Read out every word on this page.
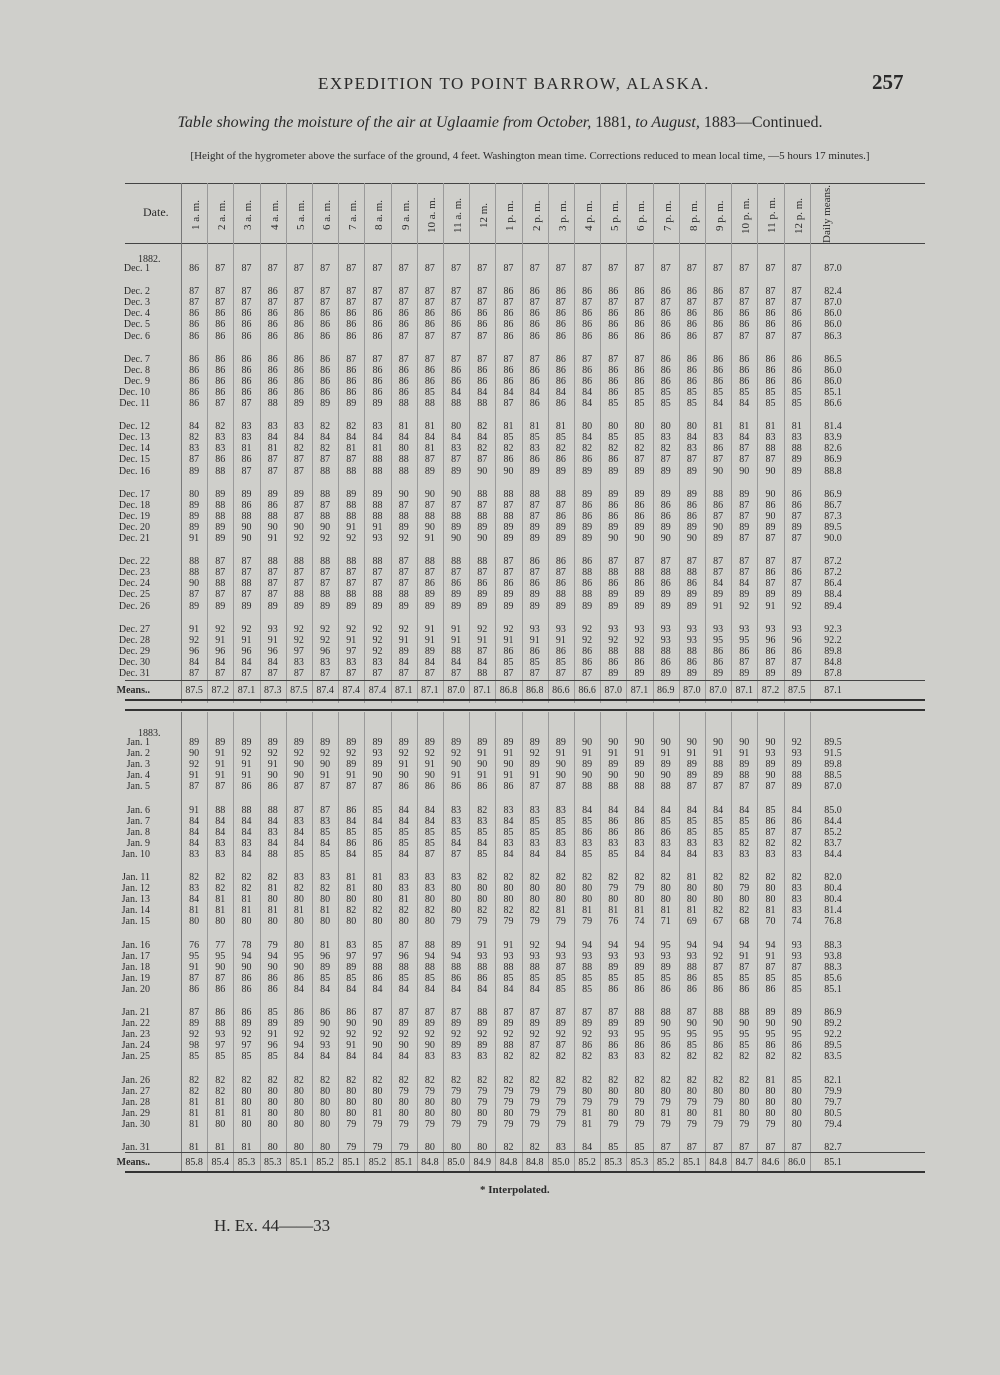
EXPEDITION TO POINT BARROW, ALASKA.	257
Table showing the moisture of the air at Uglaamie from October, 1881, to August, 1883—Continued.
[Height of the hygrometer above the surface of the ground, 4 feet. Washington mean time. Corrections reduced to mean local time, —5 hours 17 minutes.]
Date. 1 a. m. 2 a. m. 3 a. m. 4 a. m. 5 a. m. 6 a. m. 7 a. m. 8 a. m. 9 a. m. 10 a. m. 11 a. m. 12 m. 1 p. m. 2 p. m. 3 p. m. 4 p. m. 5 p. m. 6 p. m. 7 p. m. 8 p. m. 9 p. m. 10 p. m. 11 p. m. 12 p. m. Daily means.
1882.
Dec. 1	86	87	87	87	87	87	87	87	87	87	87	87	87	87	87	87	87	87	87	87	87	87	87	87	87.0
Dec. 2	87	87	87	86	87	87	87	87	87	87	87	87	86	86	86	86	86	86	86	86	86	87	87	87	82.4
Dec. 3	87	87	87	87	87	87	87	87	87	87	87	87	87	87	87	87	87	87	87	87	87	87	87	87	87.0
Dec. 4	86	86	86	86	86	86	86	86	86	86	86	86	86	86	86	86	86	86	86	86	86	86	86	86	86.0
Dec. 5	86	86	86	86	86	86	86	86	86	86	86	86	86	86	86	86	86	86	86	86	86	86	86	86	86.0
Dec. 6	86	86	86	86	86	86	86	86	87	87	87	87	86	86	86	86	86	86	86	86	87	87	87	87	86.3
Dec. 7	86	86	86	86	86	86	87	87	87	87	87	87	87	87	86	87	87	87	86	86	86	86	86	86	86.5
Dec. 8	86	86	86	86	86	86	86	86	86	86	86	86	86	86	86	86	86	86	86	86	86	86	86	86	86.0
Dec. 9	86	86	86	86	86	86	86	86	86	86	86	86	86	86	86	86	86	86	86	86	86	86	86	86	86.0
Dec. 10	86	86	86	86	86	86	86	86	86	85	84	84	84	84	84	84	86	85	85	85	85	85	85	85	85.1
Dec. 11	86	87	87	88	89	89	89	89	88	88	88	88	87	86	86	84	85	85	85	85	84	84	85	85	86.6
Dec. 12	84	82	83	83	83	82	82	83	81	81	80	82	81	81	81	80	80	80	80	80	81	81	81	81	81.4
Dec. 13	82	83	83	84	84	84	84	84	84	84	84	84	85	85	85	84	85	85	83	84	83	84	83	83	83.9
Dec. 14	83	83	81	81	82	82	81	81	80	81	83	82	82	83	82	82	82	82	82	83	86	87	88	88	82.6
Dec. 15	87	86	86	87	87	87	87	88	88	87	87	87	86	86	86	86	86	87	87	87	87	87	87	89	86.9
Dec. 16	89	88	87	87	87	88	88	88	88	89	89	90	90	89	89	89	89	89	89	89	90	90	90	89	88.8
Dec. 17	80	89	89	89	89	88	89	89	90	90	90	88	88	88	88	89	89	89	89	89	88	89	90	86	86.9
Dec. 18	89	88	86	86	87	87	88	88	87	87	87	87	87	87	87	86	86	86	86	86	86	87	86	86	86.7
Dec. 19	89	88	88	88	87	88	88	88	88	88	88	88	88	87	86	86	86	86	86	86	87	87	90	87	87.3
Dec. 20	89	89	90	90	90	90	91	91	89	90	89	89	89	89	89	89	89	89	89	89	90	89	89	89	89.5
Dec. 21	91	89	90	91	92	92	92	93	92	91	90	90	89	89	89	89	90	90	90	90	89	87	87	87	90.0
Dec. 22	88	87	87	88	88	88	88	88	87	88	88	88	87	86	86	86	87	87	87	87	87	87	87	87	87.2
Dec. 23	88	87	87	87	87	87	87	87	87	87	87	87	87	87	87	88	88	88	88	88	87	87	86	86	87.2
Dec. 24	90	88	88	87	87	87	87	87	87	86	86	86	86	86	86	86	86	86	86	86	84	84	87	87	86.4
Dec. 25	87	87	87	87	88	88	88	88	88	89	89	89	89	89	88	88	89	89	89	89	89	89	89	89	88.4
Dec. 26	89	89	89	89	89	89	89	89	89	89	89	89	89	89	89	89	89	89	89	89	91	92	91	92	89.4
Dec. 27	91	92	92	93	92	92	92	92	92	91	91	92	92	93	93	92	93	93	93	93	93	93	93	93	92.3
Dec. 28	92	91	91	91	92	92	91	92	91	91	91	91	91	91	91	92	92	92	93	93	95	95	96	96	92.2
Dec. 29	96	96	96	96	97	96	97	92	89	89	88	87	86	86	86	86	88	88	88	88	86	86	86	86	89.8
Dec. 30	84	84	84	84	83	83	83	83	84	84	84	84	85	85	85	86	86	86	86	86	86	87	87	87	84.8
Dec. 31	87	87	87	87	87	87	87	87	87	87	87	88	87	87	87	87	89	89	89	89	89	89	89	89	87.8
Means..	87.5 87.2 87.1 87.3 87.5 87.4 87.4 87.4 87.1 87.1 87.0 87.1 86.8 86.8 86.6 86.6 87.0 87.1 86.9 87.0 87.0 87.1 87.2 87.5	87.1
1883.
Jan. 1	89	89	89	89	89	89	89	89	89	89	89	89	89	89	89	90	90	90	90	90	90	90	90	92	89.5
Jan. 2	90	91	92	92	92	92	92	93	92	92	92	91	91	92	91	91	91	91	91	91	91	91	93	93	91.5
Jan. 3	92	91	91	91	90	90	89	89	91	91	90	90	90	89	90	89	89	89	89	89	88	89	89	89	89.8
Jan. 4	91	91	91	90	90	91	91	90	90	90	91	91	91	91	90	90	90	90	90	89	89	88	90	88	88.5
Jan. 5	87	87	86	86	87	87	87	87	86	86	86	86	86	87	87	88	88	88	88	87	87	87	87	89	87.0
Jan. 6	91	88	88	88	87	87	86	85	84	84	83	82	83	83	83	84	84	84	84	84	84	84	85	84	85.0
Jan. 7	84	84	84	84	83	83	84	84	84	84	83	83	84	85	85	85	86	86	85	85	85	85	86	86	84.4
Jan. 8	84	84	84	83	84	85	85	85	85	85	85	85	85	85	85	86	86	86	86	85	85	85	87	87	85.2
Jan. 9	84	83	83	84	84	84	86	86	85	85	84	84	83	83	83	83	83	83	83	83	83	82	82	82	83.7
Jan. 10	83	83	84	88	85	85	84	85	84	87	87	85	84	84	84	85	85	84	84	84	83	83	83	83	84.4
Jan. 11	82	82	82	82	83	83	81	81	83	83	83	82	82	82	82	82	82	82	82	81	82	82	82	82	82.0
Jan. 12	83	82	82	81	82	82	81	80	83	83	80	80	80	80	80	80	79	79	80	80	80	79	80	83	80.4
Jan. 13	84	81	81	80	80	80	80	80	81	80	80	80	80	80	80	80	80	80	80	80	80	80	80	83	80.4
Jan. 14	81	81	81	81	81	81	82	82	82	82	80	82	82	82	81	81	81	81	81	81	82	82	81	83	81.4
Jan. 15	80	80	80	80	80	80	80	80	80	80	79	79	79	79	79	79	76	74	71	69	67	68	70	74	76.8
Jan. 16	76	77	78	79	80	81	83	85	87	88	89	91	91	92	94	94	94	94	95	94	94	94	94	93	88.3
Jan. 17	95	95	94	94	95	96	97	97	96	94	94	93	93	93	93	93	93	93	93	93	92	91	91	93	93.8
Jan. 18	91	90	90	90	90	89	89	88	88	88	88	88	88	88	87	88	89	89	89	88	87	87	87	87	88.3
Jan. 19	87	87	86	86	86	85	85	86	85	85	86	86	85	85	85	85	85	85	85	86	85	85	85	85	85.6
Jan. 20	86	86	86	86	84	84	84	84	84	84	84	84	84	84	85	85	86	86	86	86	86	86	86	85	85.1
Jan. 21	87	86	86	85	86	86	86	87	87	87	87	88	87	87	87	87	87	88	88	87	88	88	89	89	86.9
Jan. 22	89	88	89	89	89	90	90	90	89	89	89	89	89	89	89	89	89	89	90	90	90	90	90	90	89.2
Jan. 23	92	93	92	91	92	92	92	92	92	92	92	92	92	92	92	92	93	95	95	95	95	95	95	95	92.2
Jan. 24	98	97	97	96	94	93	91	90	90	90	89	89	88	87	87	86	86	86	86	85	86	85	86	86	89.5
Jan. 25	85	85	85	85	84	84	84	84	84	83	83	83	82	82	82	82	83	83	82	82	82	82	82	82	83.5
Jan. 26	82	82	82	82	82	82	82	82	82	82	82	82	82	82	82	82	82	82	82	82	82	82	81	85	82.1
Jan. 27	82	82	80	80	80	80	80	80	79	79	79	79	79	79	79	80	80	80	80	80	80	80	80	80	79.9
Jan. 28	81	81	80	80	80	80	80	80	80	80	80	79	79	79	79	79	79	79	79	79	79	80	80	80	79.7
Jan. 29	81	81	81	80	80	80	80	81	80	80	80	80	80	79	79	81	80	80	81	80	81	80	80	80	80.5
Jan. 30	81	80	80	80	80	80	79	79	79	79	79	79	79	79	79	81	79	79	79	79	79	79	79	80	79.4
Jan. 31	81	81	81	80	80	80	79	79	79	80	80	80	82	82	83	84	85	85	87	87	87	87	87	87	82.7
Means..	85.8 85.4 85.3 85.3 85.1 85.2 85.1 85.2 85.1 84.8 85.0 84.9 84.8 84.8 85.0 85.2 85.3 85.3 85.2 85.1 84.8 84.7 84.6 86.0	85.1
* Interpolated.
H. Ex. 44——33
